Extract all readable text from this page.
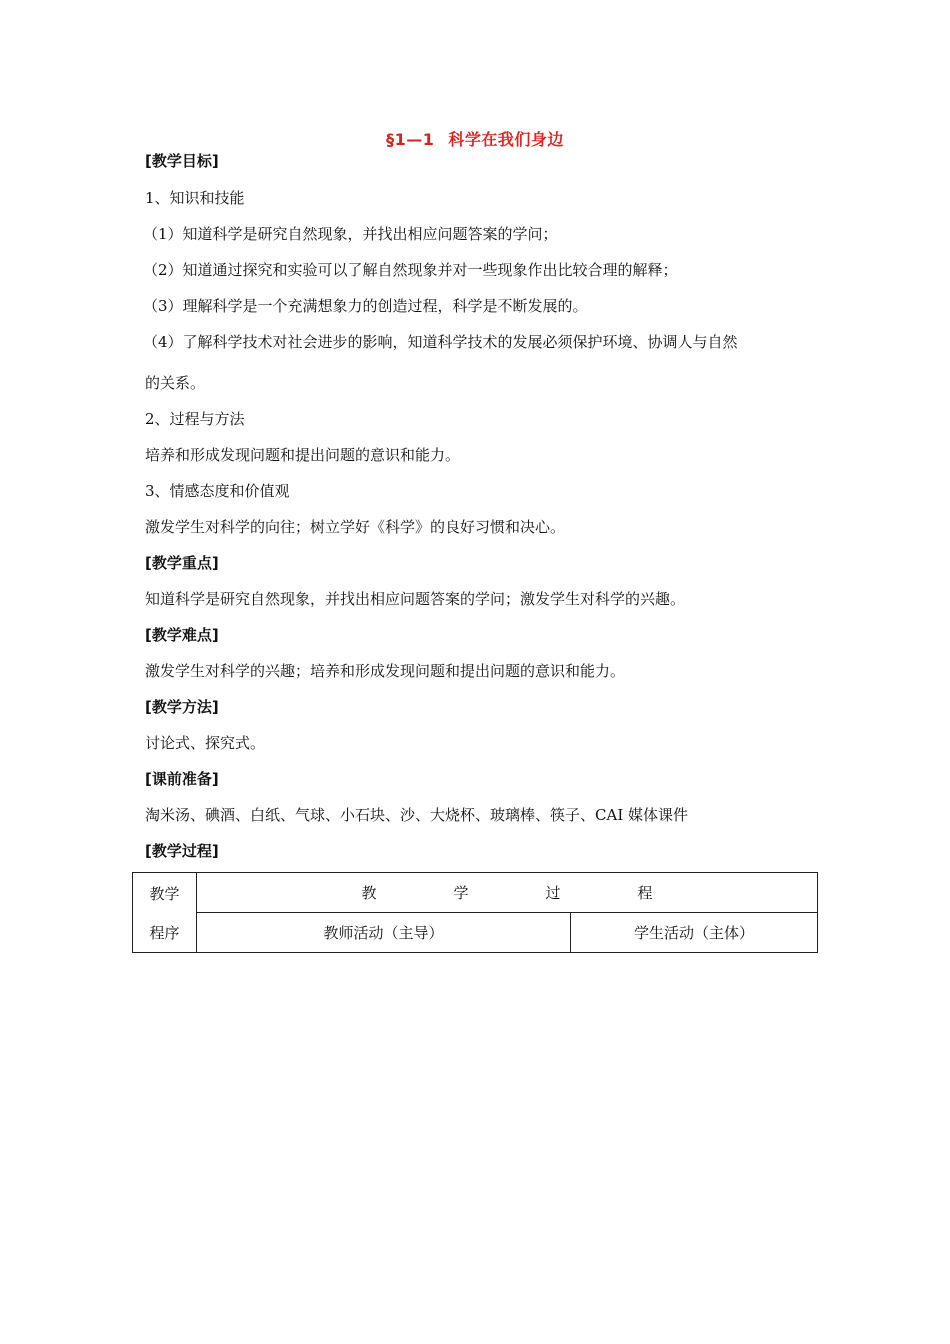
§1—1 科学在我们身边
[教学目标]
1、知识和技能
（1）知道科学是研究自然现象，并找出相应问题答案的学问；
（2）知道通过探究和实验可以了解自然现象并对一些现象作出比较合理的解释；
（3）理解科学是一个充满想象力的创造过程，科学是不断发展的。
（4）了解科学技术对社会进步的影响，知道科学技术的发展必须保护环境、协调人与自然
的关系。
2、过程与方法
培养和形成发现问题和提出问题的意识和能力。
3、情感态度和价值观
激发学生对科学的向往；树立学好《科学》的良好习惯和决心。
[教学重点]
知道科学是研究自然现象，并找出相应问题答案的学问；激发学生对科学的兴趣。
[教学难点]
激发学生对科学的兴趣；培养和形成发现问题和提出问题的意识和能力。
[教学方法]
讨论式、探究式。
[课前准备]
淘米汤、碘酒、白纸、气球、小石块、沙、大烧杯、玻璃棒、筷子、CAI 媒体课件
[教学过程]
教学
程序	教 学 过 程	
	教师活动（主导）	学生活动（主体）
